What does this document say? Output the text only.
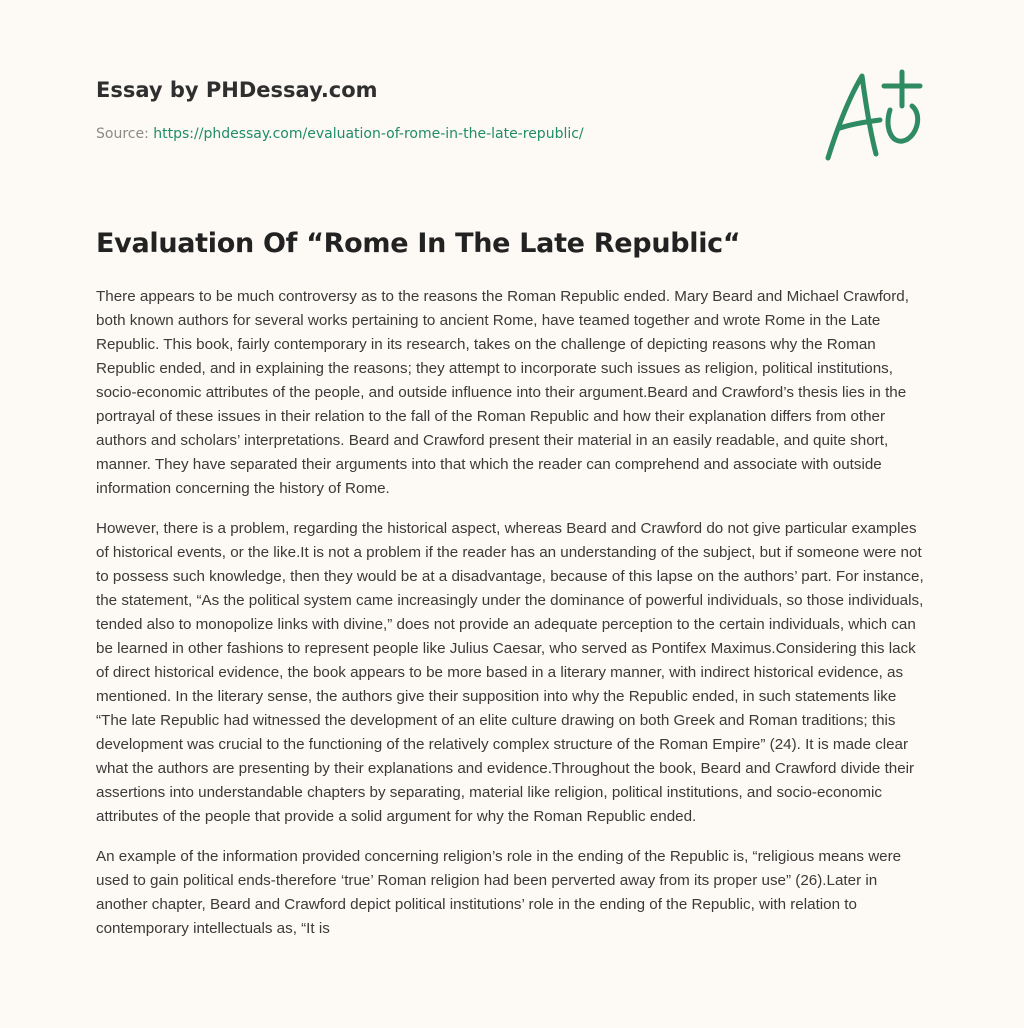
Essay by PHDessay.com
Source: https://phdessay.com/evaluation-of-rome-in-the-late-republic/
Evaluation Of “Rome In The Late Republic“

There appears to be much controversy as to the reasons the Roman Republic ended. Mary Beard and Michael Crawford, both known authors for several works pertaining to ancient Rome, have teamed together and wrote Rome in the Late Republic. This book, fairly contemporary in its research, takes on the challenge of depicting reasons why the Roman Republic ended, and in explaining the reasons; they attempt to incorporate such issues as religion, political institutions, socio-economic attributes of the people, and outside influence into their argument.Beard and Crawford’s thesis lies in the portrayal of these issues in their relation to the fall of the Roman Republic and how their explanation differs from other authors and scholars’ interpretations. Beard and Crawford present their material in an easily readable, and quite short, manner. They have separated their arguments into that which the reader can comprehend and associate with outside information concerning the history of Rome.

However, there is a problem, regarding the historical aspect, whereas Beard and Crawford do not give particular examples of historical events, or the like.It is not a problem if the reader has an understanding of the subject, but if someone were not to possess such knowledge, then they would be at a disadvantage, because of this lapse on the authors’ part. For instance, the statement, “As the political system came increasingly under the dominance of powerful individuals, so those individuals, tended also to monopolize links with divine,” does not provide an adequate perception to the certain individuals, which can be learned in other fashions to represent people like Julius Caesar, who served as Pontifex Maximus.Considering this lack of direct historical evidence, the book appears to be more based in a literary manner, with indirect historical evidence, as mentioned. In the literary sense, the authors give their supposition into why the Republic ended, in such statements like “The late Republic had witnessed the development of an elite culture drawing on both Greek and Roman traditions; this development was crucial to the functioning of the relatively complex structure of the Roman Empire” (24). It is made clear what the authors are presenting by their explanations and evidence.Throughout the book, Beard and Crawford divide their assertions into understandable chapters by separating, material like religion, political institutions, and socio-economic attributes of the people that provide a solid argument for why the Roman Republic ended.

An example of the information provided concerning religion’s role in the ending of the Republic is, “religious means were used to gain political ends-therefore ‘true’ Roman religion had been perverted away from its proper use” (26).Later in another chapter, Beard and Crawford depict political institutions’ role in the ending of the Republic, with relation to contemporary intellectuals as, “It is
